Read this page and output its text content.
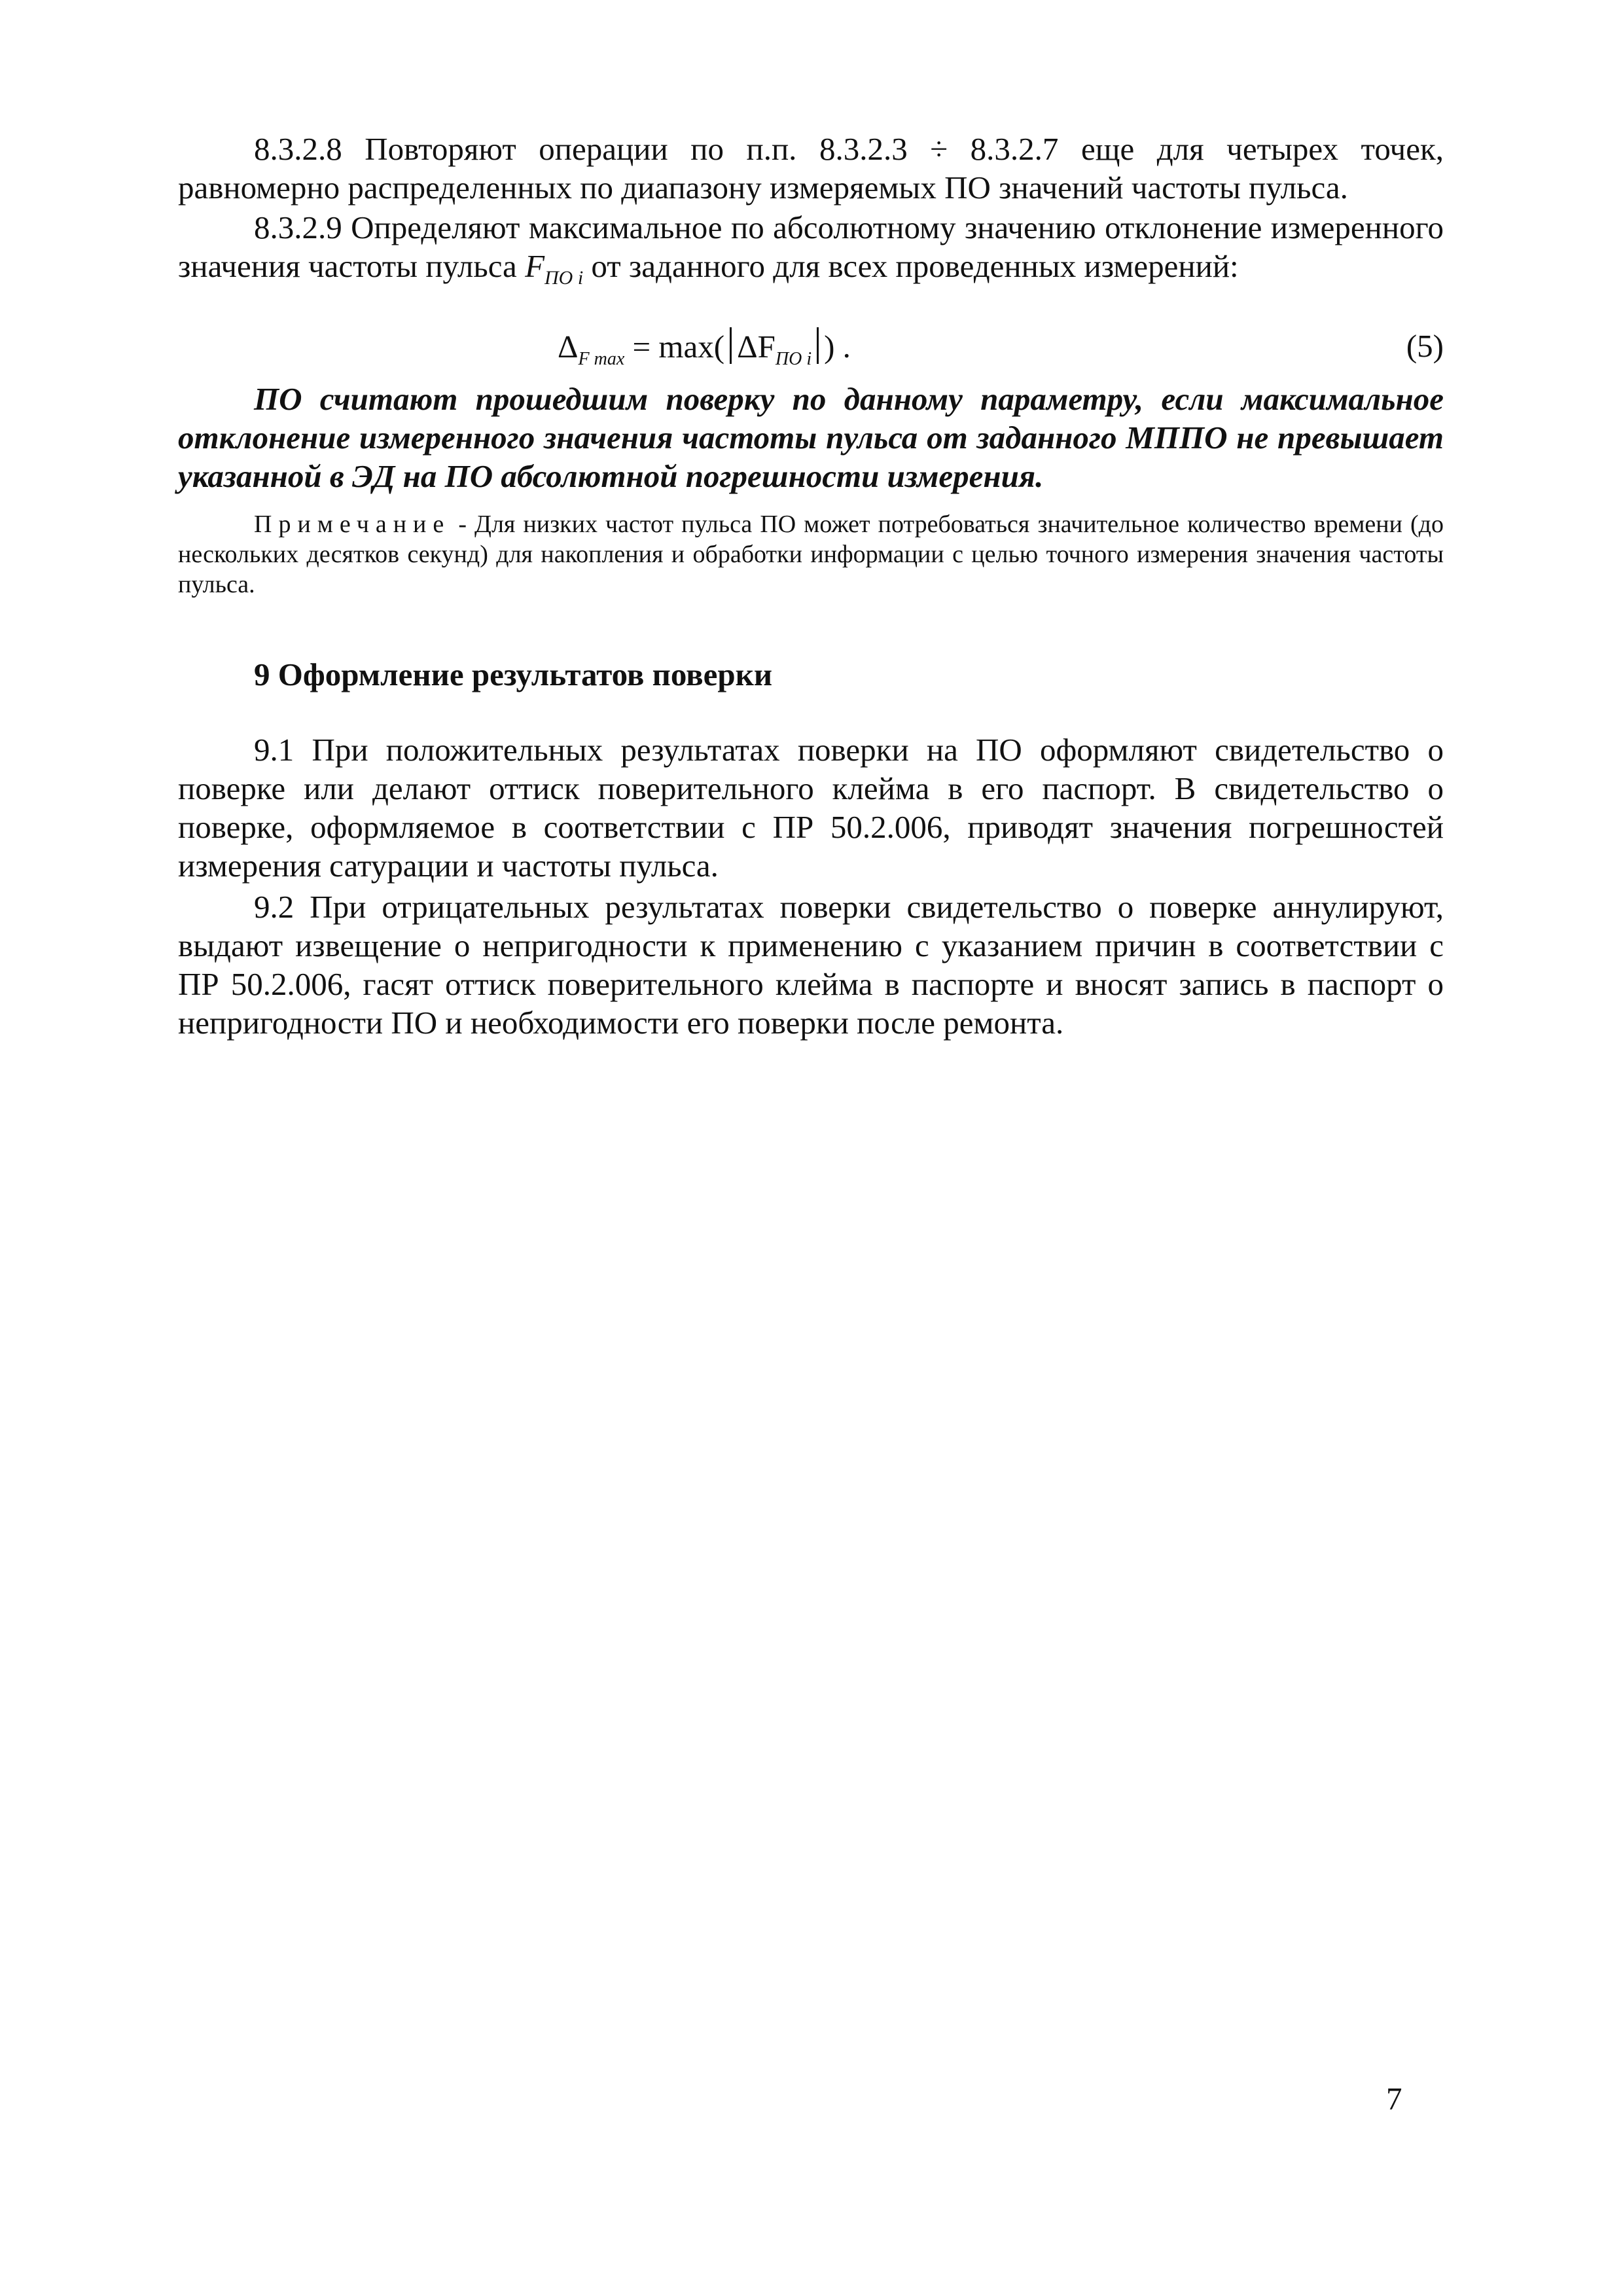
8.3.2.8 Повторяют операции по п.п. 8.3.2.3 ÷ 8.3.2.7 еще для четырех точек, равномерно распределенных по диапазону измеряемых ПО значений частоты пульса.

8.3.2.9 Определяют максимальное по абсолютному значению отклонение измеренного значения частоты пульса $F_{ПО i}$ от заданного для всех проведенных измерений:

$\Delta_{F max} = \max$( $\Delta F_{ПО i}$ ) .	(5)

ПО считают прошедшим поверку по данному параметру, если максимальное отклонение измеренного значения частоты пульса от заданного МППО не превышает указанной в ЭД на ПО абсолютной погрешности измерения.

Примечание - Для низких частот пульса ПО может потребоваться значительное количество времени (до нескольких десятков секунд) для накопления и обработки информации с целью точного измерения значения частоты пульса.

9 Оформление результатов поверки

9.1 При положительных результатах поверки на ПО оформляют свидетельство о поверке или делают оттиск поверительного клейма в его паспорт. В свидетельство о поверке, оформляемое в соответствии с ПР 50.2.006, приводят значения погрешностей измерения сатурации и частоты пульса.

9.2 При отрицательных результатах поверки свидетельство о поверке аннулируют, выдают извещение о непригодности к применению с указанием причин в соответствии с ПР 50.2.006, гасят оттиск поверительного клейма в паспорте и вносят запись в паспорт о непригодности ПО и необходимости его поверки после ремонта.

7
